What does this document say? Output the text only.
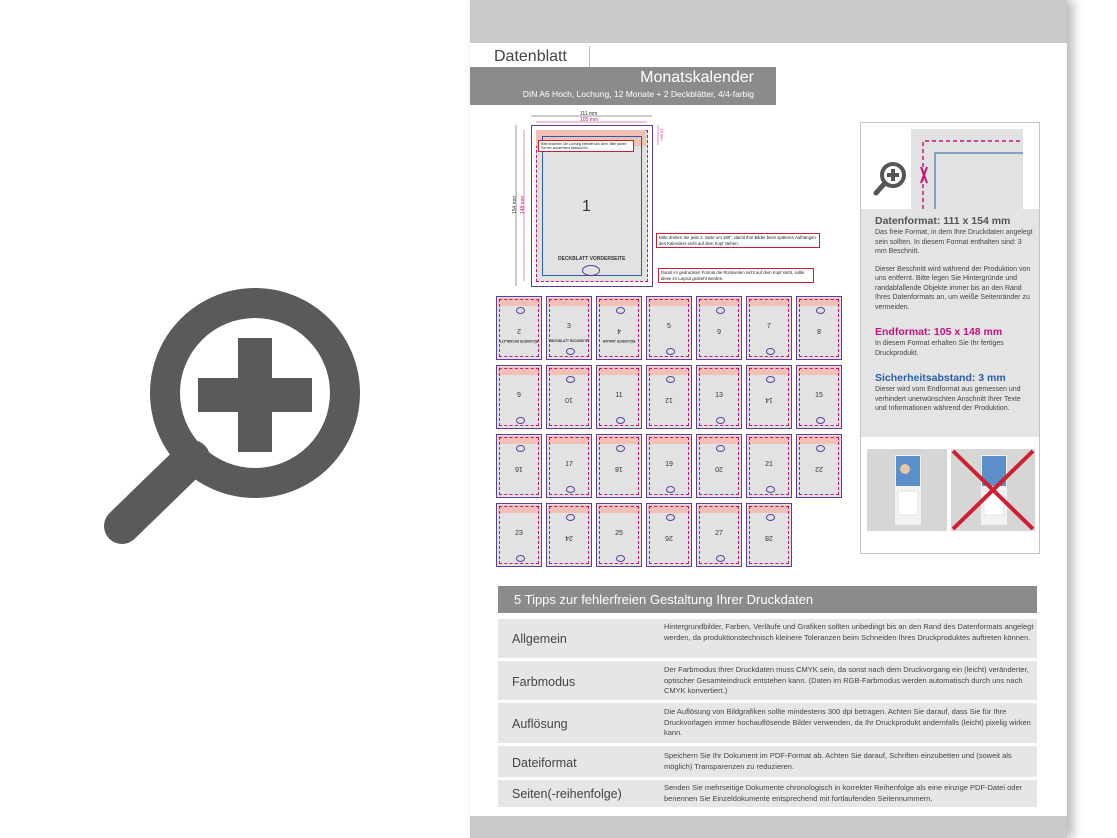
Datenblatt
Monatskalender
DIN A6 Hoch, Lochung, 12 Monate + 2 Deckblätter, 4/4-farbig
Bitte beachten: Die Lochung befindet sich oben. Bitte planen Sie hier ausreichend Abstand ein.
1
DECKBLATT VORDERSEITE
111 mm
105 mm
15 mm
154 mm 148 mm
Bitte drehen Sie jede 2. Seite um 180°, damit Ihre Bilder beim späteren Aufhängen des Kalenders nicht auf dem Kopf stehen.
Damit im gedruckten Format die Rückseiten nicht auf dem Kopf steht, sollte diese im Layout gedreht werden.
2
RÜCKSEITE DECKBLATT
3
DECKBLATT RÜCKSEITE
4
RÜCKSEITE JANUAR
5
6
7
8
9
10
11
12
13
14
15
16
17
18
19
20
21
22
23
24
25
26
27
28
Datenformat: 111 x 154 mm
Das freie Format, in dem Ihre Druckdaten angelegt sein sollten. In diesem Format enthalten sind: 3 mm Beschnitt.
Dieser Beschnitt wird während der Produktion von uns entfernt. Bitte legen Sie Hintergründe und randabfallende Objekte immer bis an den Rand Ihres Datenformats an, um weiße Seitenränder zu vermeiden.
Endformat: 105 x 148 mm
In diesem Format erhalten Sie Ihr fertiges Druckprodukt.
Sicherheitsabstand: 3 mm
Dieser wird vom Endformat aus gemessen und verhindert unerwünschten Anschnitt Ihrer Texte und Informationen während der Produktion.
5 Tipps zur fehlerfreien Gestaltung Ihrer Druckdaten
Allgemein
Hintergrundbilder, Farben, Verläufe und Grafiken sollten unbedingt bis an den Rand des Datenformats angelegt werden, da produktionstechnisch kleinere Toleranzen beim Schneiden Ihres Druckproduktes auftreten können.
Farbmodus
Der Farbmodus Ihrer Druckdaten muss CMYK sein, da sonst nach dem Druckvorgang ein (leicht) veränderter, optischer Gesamteindruck entstehen kann. (Daten im RGB-Farbmodus werden automatisch durch uns nach CMYK konvertiert.)
Auflösung
Die Auflösung von Bildgrafiken sollte mindestens 300 dpi betragen. Achten Sie darauf, dass Sie für Ihre Druckvorlagen immer hochauflösende Bilder verwenden, da Ihr Druckprodukt andernfalls (leicht) pixelig wirken kann.
Dateiformat
Speichern Sie Ihr Dokument im PDF-Format ab. Achten Sie darauf, Schriften einzubetten und (soweit als möglich) Transparenzen zu reduzieren.
Seiten(-reihenfolge)	Senden Sie mehrseitige Dokumente chronologisch in korrekter Reihenfolge als eine einzige PDF-Datei oder benennen Sie Einzeldokumente entsprechend mit fortlaufenden Seitennummern.
